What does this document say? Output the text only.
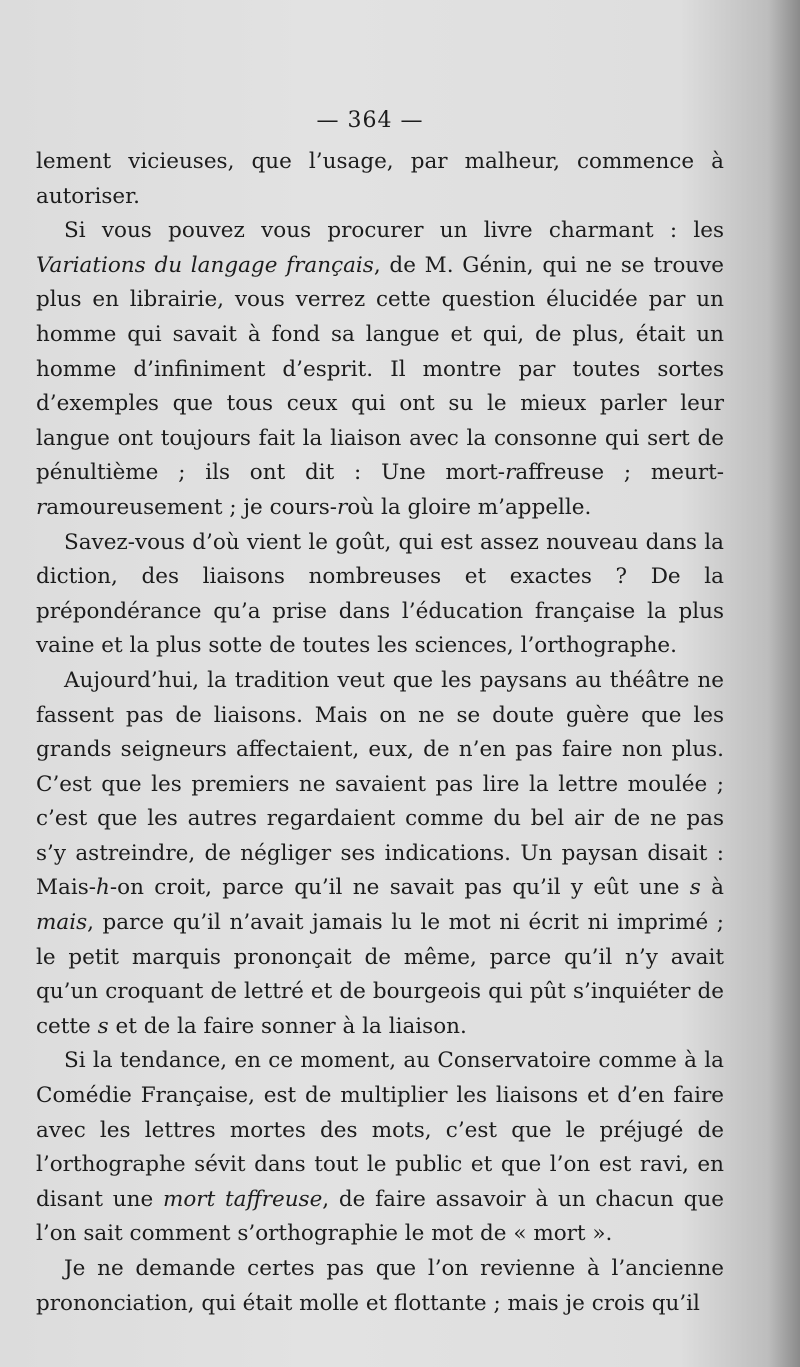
— 364 —

lement vicieuses, que l’usage, par malheur, commence à autoriser.

Si vous pouvez vous procurer un livre charmant : les Variations du langage français, de M. Génin, qui ne se trouve plus en librairie, vous verrez cette question élucidée par un homme qui savait à fond sa langue et qui, de plus, était un homme d’infiniment d’esprit. Il montre par toutes sortes d’exemples que tous ceux qui ont su le mieux parler leur langue ont toujours fait la liaison avec la consonne qui sert de pénultième ; ils ont dit : Une mort-raffreuse ; meurt-ramoureusement ; je cours-roù la gloire m’appelle.

Savez-vous d’où vient le goût, qui est assez nouveau dans la diction, des liaisons nombreuses et exactes ? De la prépondérance qu’a prise dans l’éducation française la plus vaine et la plus sotte de toutes les sciences, l’orthographe.

Aujourd’hui, la tradition veut que les paysans au théâtre ne fassent pas de liaisons. Mais on ne se doute guère que les grands seigneurs affectaient, eux, de n’en pas faire non plus. C’est que les premiers ne savaient pas lire la lettre moulée ; c’est que les autres regardaient comme du bel air de ne pas s’y astreindre, de négliger ses indications. Un paysan disait : Mais-h-on croit, parce qu’il ne savait pas qu’il y eût une s à mais, parce qu’il n’avait jamais lu le mot ni écrit ni imprimé ; le petit marquis prononçait de même, parce qu’il n’y avait qu’un croquant de lettré et de bourgeois qui pût s’inquiéter de cette s et de la faire sonner à la liaison.

Si la tendance, en ce moment, au Conservatoire comme à la Comédie Française, est de multiplier les liaisons et d’en faire avec les lettres mortes des mots, c’est que le préjugé de l’orthographe sévit dans tout le public et que l’on est ravi, en disant une mort taffreuse, de faire assavoir à un chacun que l’on sait comment s’orthographie le mot de « mort ».

Je ne demande certes pas que l’on revienne à l’ancienne prononciation, qui était molle et flottante ; mais je crois qu’il
